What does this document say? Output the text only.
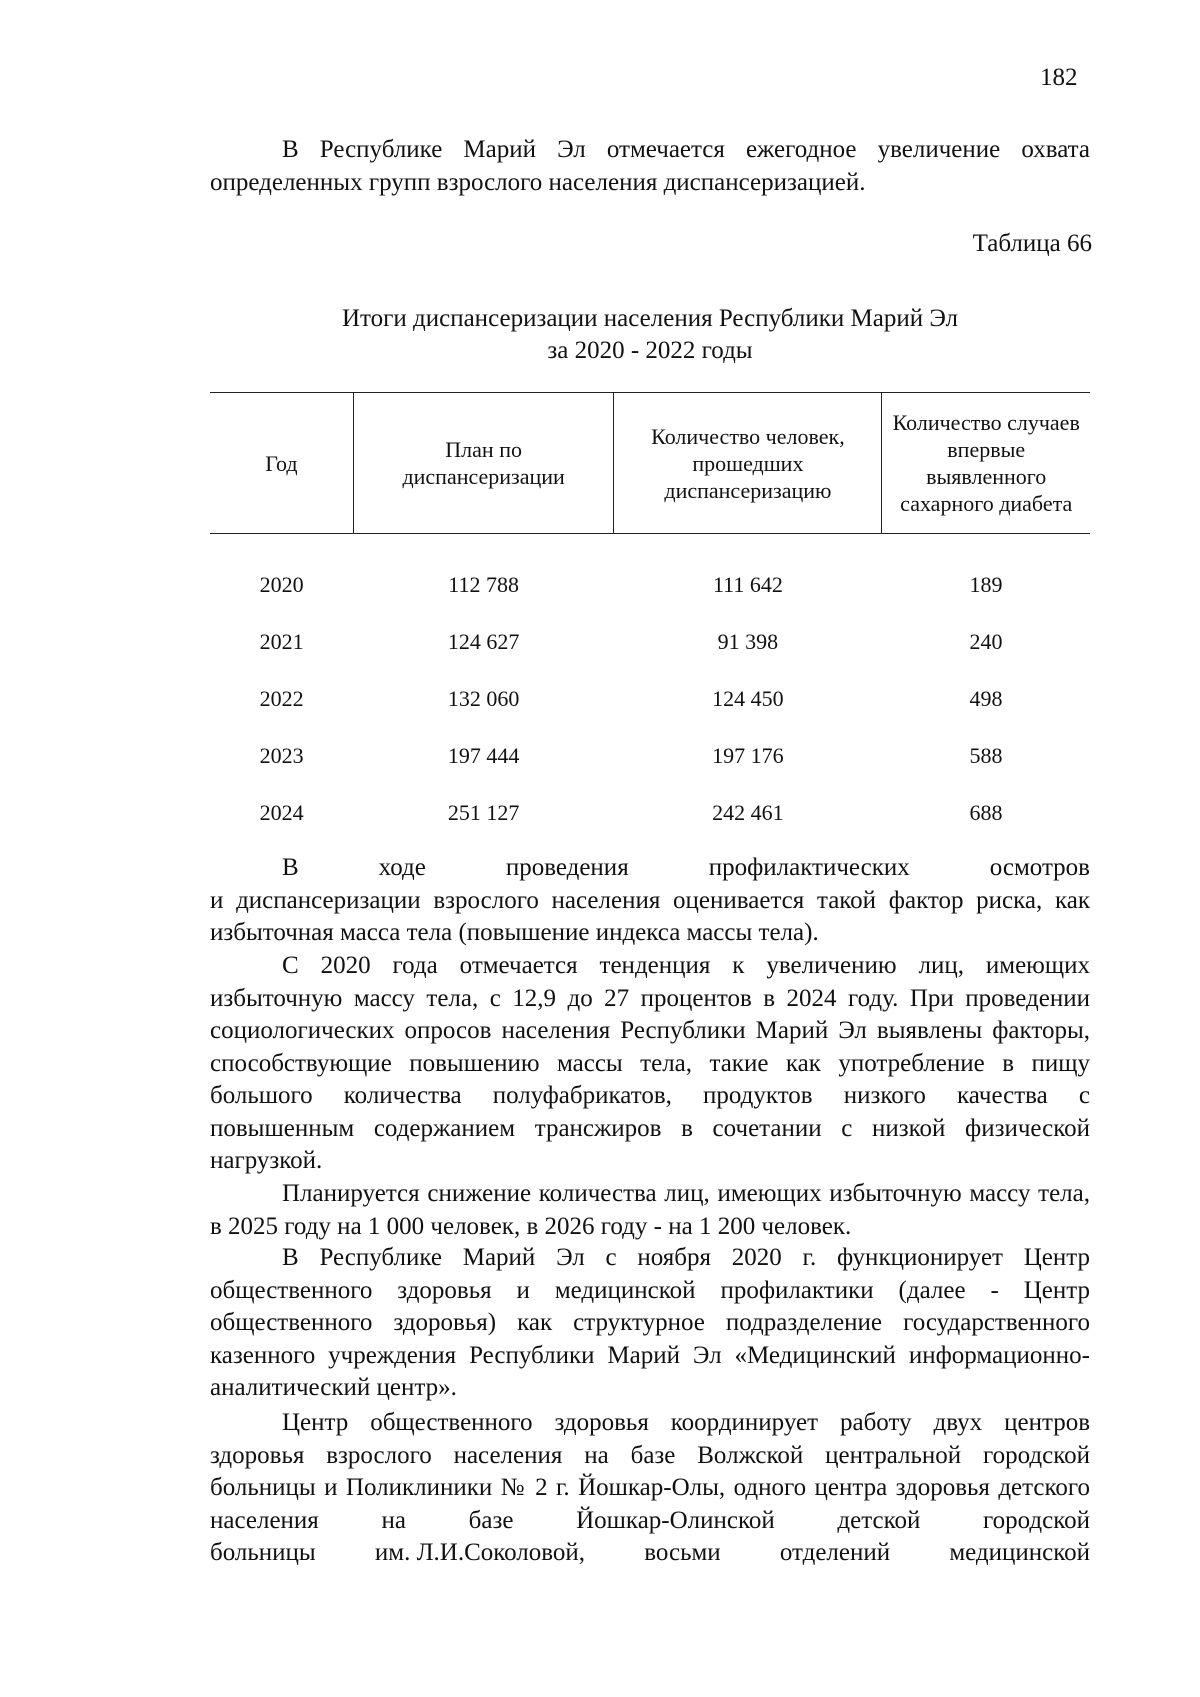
182

В Республике Марий Эл отмечается ежегодное увеличение охвата определенных групп взрослого населения диспансеризацией.

Таблица 66
Итоги диспансеризации населения Республики Марий Эл
за 2020 - 2022 годы
Год	План по диспансеризации	Количество человек, прошедших диспансеризацию	Количество случаев впервые выявленного сахарного диабета
2020	112 788	111 642	189
2021	124 627	91 398	240
2022	132 060	124 450	498
2023	197 444	197 176	588
2024	251 127	242 461	688
В	ходе	проведения	профилактических	осмотров
и диспансеризации взрослого населения оценивается такой фактор риска, как избыточная масса тела (повышение индекса массы тела).

С 2020 года отмечается тенденция к увеличению лиц, имеющих избыточную массу тела, с 12,9 до 27 процентов в 2024 году. При проведении социологических опросов населения Республики Марий Эл выявлены факторы, способствующие повышению массы тела, такие как употребление в пищу большого количества полуфабрикатов, продуктов низкого качества с повышенным содержанием трансжиров в сочетании с низкой физической нагрузкой.

Планируется снижение количества лиц, имеющих избыточную массу тела, в 2025 году на 1 000 человек, в 2026 году - на 1 200 человек.

В Республике Марий Эл с ноября 2020 г. функционирует Центр общественного здоровья и медицинской профилактики (далее - Центр общественного здоровья) как структурное подразделение государственного казенного учреждения Республики Марий Эл «Медицинский информационно-аналитический центр».

Центр общественного здоровья координирует работу двух центров здоровья взрослого населения на базе Волжской центральной городской больницы и Поликлиники № 2 г. Йошкар-Олы, одного центра здоровья детского населения на базе Йошкар-Олинской детской городской
больницы им. Л.И.Соколовой, восьми отделений медицинской
